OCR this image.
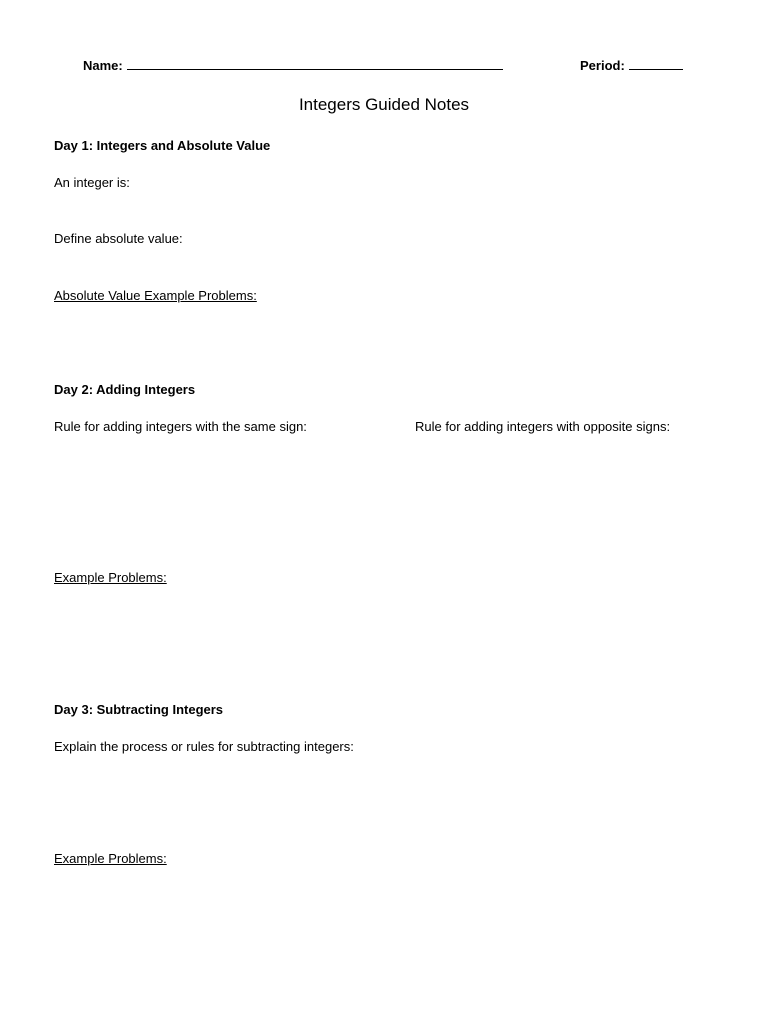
Name:	Period:
Integers Guided Notes
Day 1: Integers and Absolute Value
An integer is:
Define absolute value:
Absolute Value Example Problems:
Day 2: Adding Integers
Rule for adding integers with the same sign:	Rule for adding integers with opposite signs:
Example Problems:
Day 3: Subtracting Integers
Explain the process or rules for subtracting integers:
Example Problems:
